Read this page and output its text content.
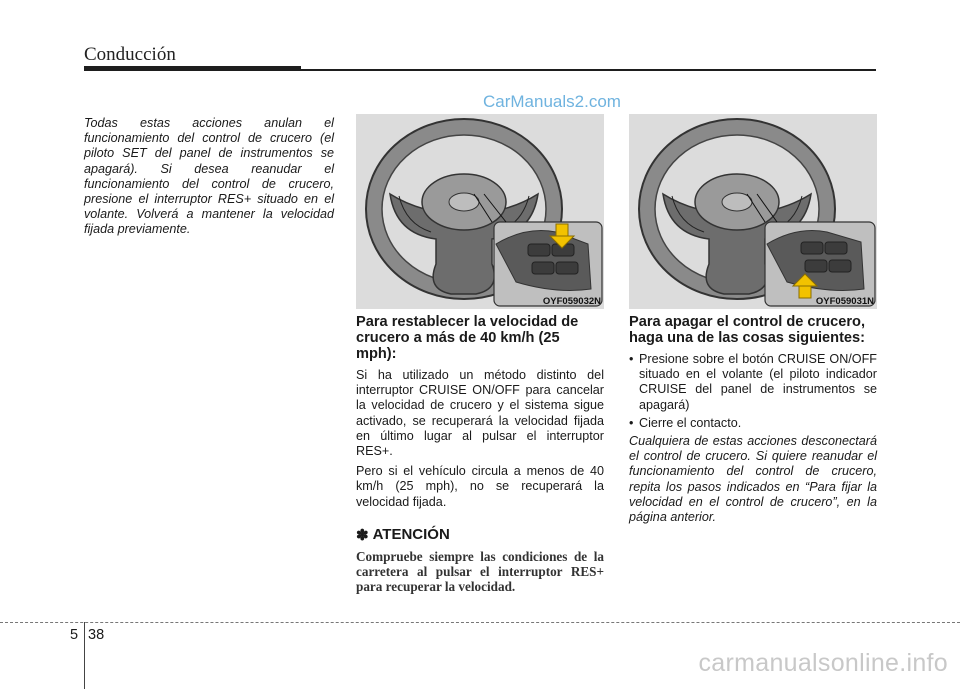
Conducción
CarManuals2.com
Todas estas acciones anulan el funcionamiento del control de crucero (el piloto SET del panel de instrumentos se apagará). Si desea reanudar el funcionamiento del control de crucero, presione el interruptor RES+ situado en el volante. Volverá a mantener la velocidad fijada previamente.
OYF059032N	OYF059031N
Para restablecer la velocidad de crucero a más de 40 km/h (25 mph):

Si ha utilizado un método distinto del interruptor CRUISE ON/OFF para cancelar la velocidad de crucero y el sistema sigue activado, se recuperará la velocidad fijada en último lugar al pulsar el interruptor RES+.

Pero si el vehículo circula a menos de 40 km/h (25 mph), no se recuperará la velocidad fijada.

✽ ATENCIÓN
Compruebe siempre las condiciones de la carretera al pulsar el interruptor RES+ para recuperar la velocidad.
Para apagar el control de crucero, haga una de las cosas siguientes:
• Presione sobre el botón CRUISE ON/OFF situado en el volante (el piloto indicador CRUISE del panel de instrumentos se apagará)
• Cierre el contacto.
Cualquiera de estas acciones desconectará el control de crucero. Si quiere reanudar el funcionamiento del control de crucero, repita los pasos indicados en “Para fijar la velocidad en el control de crucero”, en la página anterior.
5 38
carmanualsonline.info
